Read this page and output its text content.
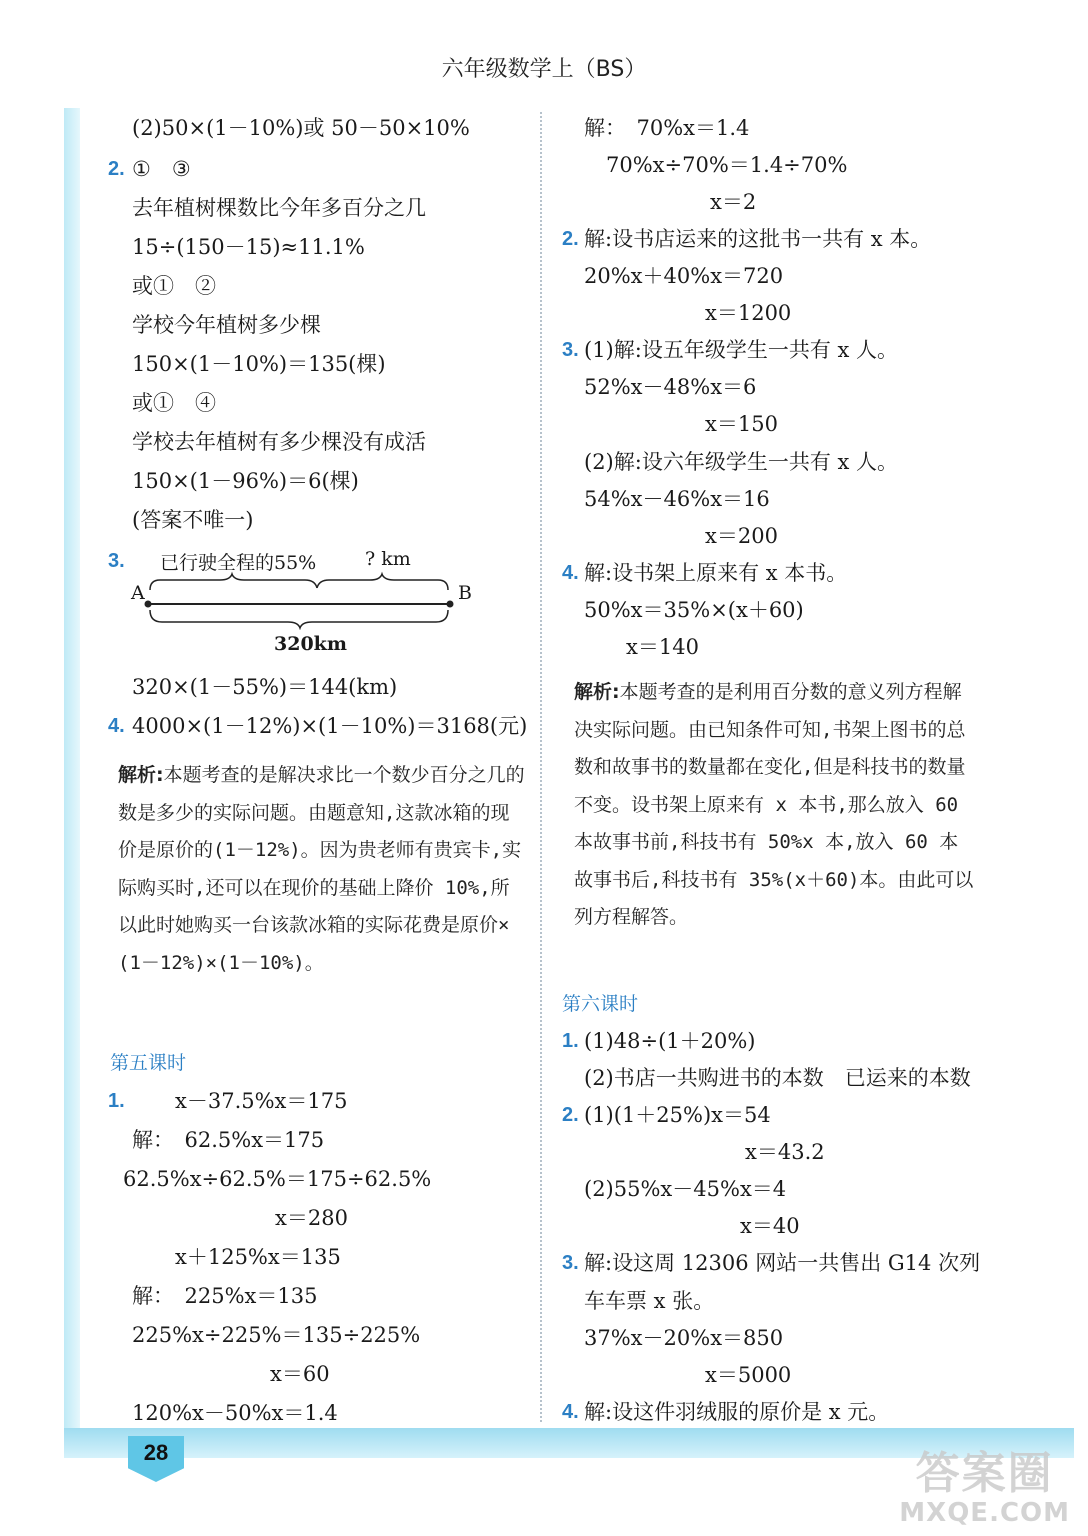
六年级数学上（BS）
(2)50×(1－10%)或 50－50×10%
2. ①　③
去年植树棵数比今年多百分之几
15÷(150－15)≈11.1%
或①　②
学校今年植树多少棵
150×(1－10%)＝135(棵)
或①　④
学校去年植树有多少棵没有成活
150×(1－96%)＝6(棵)
(答案不唯一)
3. 已行驶全程的55%	? km
A	B
320km
320×(1－55%)＝144(km)
4. 4000×(1－12%)×(1－10%)＝3168(元)
解析:本题考查的是解决求比一个数少百分之几的数是多少的实际问题。由题意知,这款冰箱的现价是原价的(1－12%)。因为贵老师有贵宾卡,实际购买时,还可以在现价的基础上降价 10%,所以此时她购买一台该款冰箱的实际花费是原价×(1－12%)×(1－10%)。
第五课时
1. x－37.5%x＝175
解：　62.5%x＝175
62.5%x÷62.5%＝175÷62.5%
x＝280
x＋125%x＝135
解：　225%x＝135
225%x÷225%＝135÷225%
x＝60
120%x－50%x＝1.4
解：　70%x＝1.4
70%x÷70%＝1.4÷70%
x＝2
2. 解:设书店运来的这批书一共有 x 本。
20%x＋40%x＝720
x＝1200
3. (1)解:设五年级学生一共有 x 人。
52%x－48%x＝6
x＝150
(2)解:设六年级学生一共有 x 人。
54%x－46%x＝16
x＝200
4. 解:设书架上原来有 x 本书。
50%x＝35%×(x＋60)
x＝140
解析:本题考查的是利用百分数的意义列方程解决实际问题。由已知条件可知,书架上图书的总数和故事书的数量都在变化,但是科技书的数量不变。设书架上原来有 x 本书,那么放入 60 本故事书前,科技书有 50%x 本,放入 60 本故事书后,科技书有 35%(x＋60)本。由此可以列方程解答。
第六课时
1. (1)48÷(1＋20%)
(2)书店一共购进书的本数　已运来的本数
2. (1)(1＋25%)x＝54
x＝43.2
(2)55%x－45%x＝4
x＝40
3. 解:设这周 12306 网站一共售出 G14 次列
车车票 x 张。
37%x－20%x＝850
x＝5000
4. 解:设这件羽绒服的原价是 x 元。
28	答案圈
MXQE.COM
